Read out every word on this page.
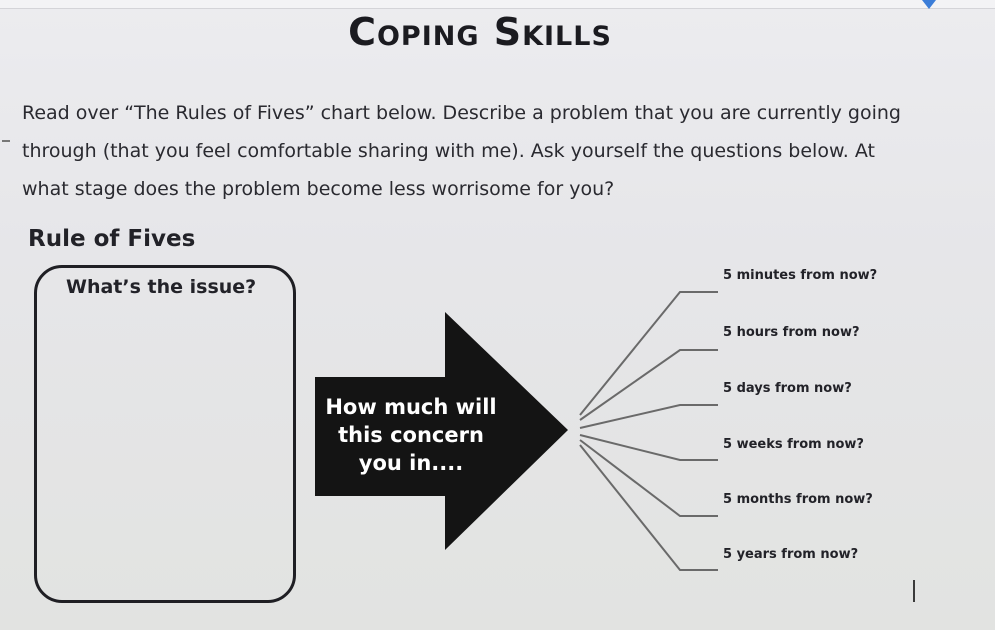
Coping Skills
Read over “The Rules of Fives” chart below. Describe a problem that you are currently going through (that you feel comfortable sharing with me). Ask yourself the questions below. At what stage does the problem become less worrisome for you?
Rule of Fives
What’s the issue?
How much will this concern you in....
5 minutes from now?
5 hours from now?
5 days from now?
5 weeks from now?
5 months from now?
5 years from now?
